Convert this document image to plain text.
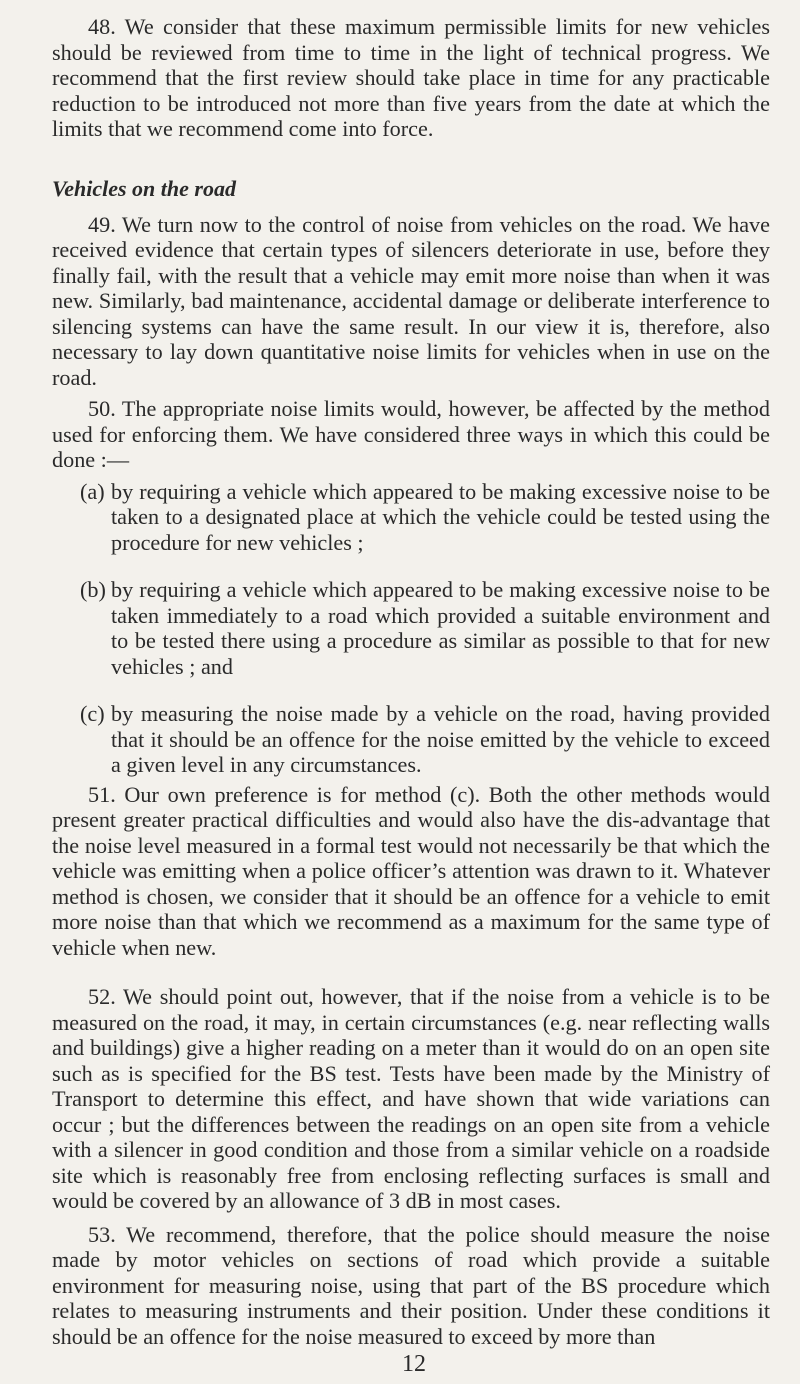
48. We consider that these maximum permissible limits for new vehicles should be reviewed from time to time in the light of technical progress. We recommend that the first review should take place in time for any practicable reduction to be introduced not more than five years from the date at which the limits that we recommend come into force.

Vehicles on the road

49. We turn now to the control of noise from vehicles on the road. We have received evidence that certain types of silencers deteriorate in use, before they finally fail, with the result that a vehicle may emit more noise than when it was new. Similarly, bad maintenance, accidental damage or deliberate interference to silencing systems can have the same result. In our view it is, therefore, also necessary to lay down quantitative noise limits for vehicles when in use on the road.

50. The appropriate noise limits would, however, be affected by the method used for enforcing them. We have considered three ways in which this could be done :—

(a) by requiring a vehicle which appeared to be making excessive noise to be taken to a designated place at which the vehicle could be tested using the procedure for new vehicles ;
(b) by requiring a vehicle which appeared to be making excessive noise to be taken immediately to a road which provided a suitable environment and to be tested there using a procedure as similar as possible to that for new vehicles ; and
(c) by measuring the noise made by a vehicle on the road, having provided that it should be an offence for the noise emitted by the vehicle to exceed a given level in any circumstances.

51. Our own preference is for method (c). Both the other methods would present greater practical difficulties and would also have the dis-advantage that the noise level measured in a formal test would not necessarily be that which the vehicle was emitting when a police officer’s attention was drawn to it. Whatever method is chosen, we consider that it should be an offence for a vehicle to emit more noise than that which we recommend as a maximum for the same type of vehicle when new.

52. We should point out, however, that if the noise from a vehicle is to be measured on the road, it may, in certain circumstances (e.g. near reflecting walls and buildings) give a higher reading on a meter than it would do on an open site such as is specified for the BS test. Tests have been made by the Ministry of Transport to determine this effect, and have shown that wide variations can occur ; but the differences between the readings on an open site from a vehicle with a silencer in good condition and those from a similar vehicle on a roadside site which is reasonably free from enclosing reflecting surfaces is small and would be covered by an allowance of 3 dB in most cases.

53. We recommend, therefore, that the police should measure the noise made by motor vehicles on sections of road which provide a suitable environment for measuring noise, using that part of the BS procedure which relates to measuring instruments and their position. Under these conditions it should be an offence for the noise measured to exceed by more than

12
